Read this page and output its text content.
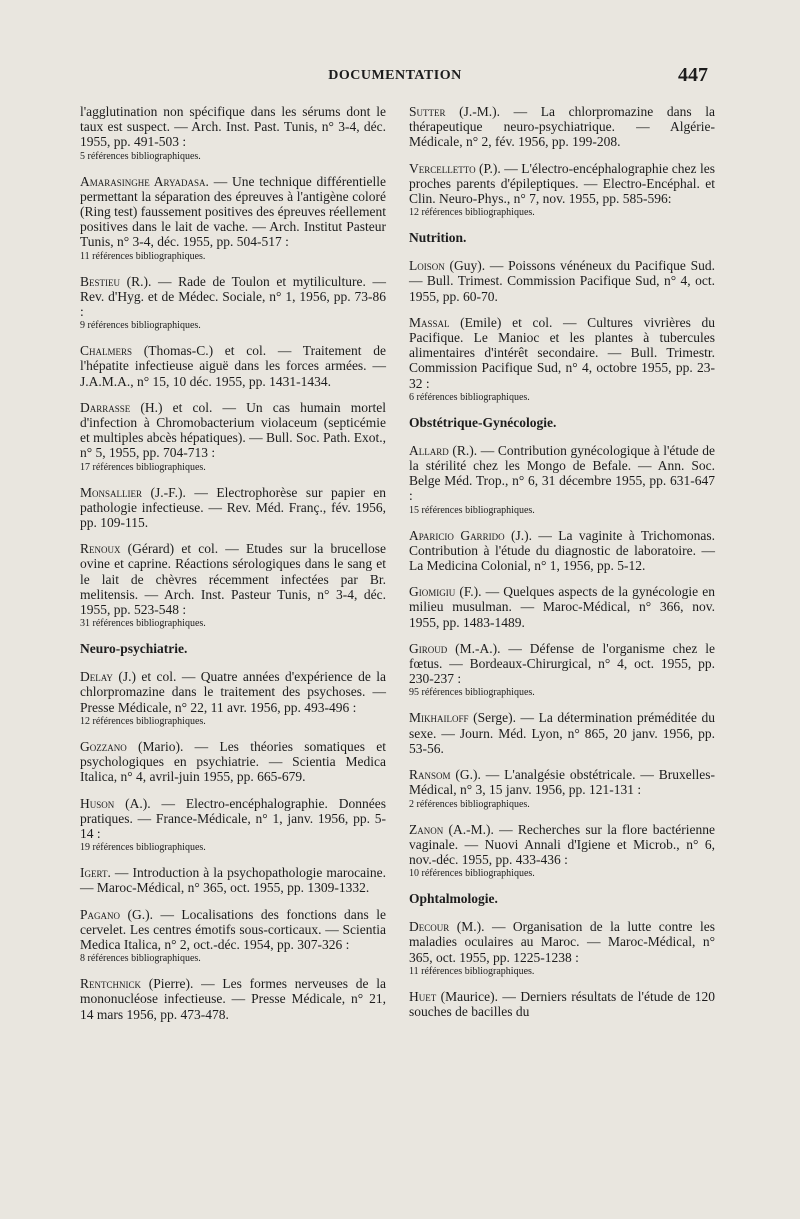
DOCUMENTATION	447
l'agglutination non spécifique dans les sérums dont le taux est suspect. — Arch. Inst. Past. Tunis, n° 3-4, déc. 1955, pp. 491-503 :
5 références bibliographiques.
Amarasinghe Aryadasa. — Une technique différentielle permettant la séparation des épreuves à l'antigène coloré (Ring test) faussement positives des épreuves réellement positives dans le lait de vache. — Arch. Institut Pasteur Tunis, n° 3-4, déc. 1955, pp. 504-517 :
11 références bibliographiques.
Bestieu (R.). — Rade de Toulon et mytiliculture. — Rev. d'Hyg. et de Médec. Sociale, n° 1, 1956, pp. 73-86 :
9 références bibliographiques.
Chalmers (Thomas-C.) et col. — Traitement de l'hépatite infectieuse aiguë dans les forces armées. — J.A.M.A., n° 15, 10 déc. 1955, pp. 1431-1434.
Darrasse (H.) et col. — Un cas humain mortel d'infection à Chromobacterium violaceum (septicémie et multiples abcès hépatiques). — Bull. Soc. Path. Exot., n° 5, 1955, pp. 704-713 :
17 références bibliographiques.
Monsallier (J.-F.). — Electrophorèse sur papier en pathologie infectieuse. — Rev. Méd. Franç., fév. 1956, pp. 109-115.
Renoux (Gérard) et col. — Etudes sur la brucellose ovine et caprine. Réactions sérologiques dans le sang et le lait de chèvres récemment infectées par Br. melitensis. — Arch. Inst. Pasteur Tunis, n° 3-4, déc. 1955, pp. 523-548 :
31 références bibliographiques.
Neuro-psychiatrie.
Delay (J.) et col. — Quatre années d'expérience de la chlorpromazine dans le traitement des psychoses. — Presse Médicale, n° 22, 11 avr. 1956, pp. 493-496 :
12 références bibliographiques.
Gozzano (Mario). — Les théories somatiques et psychologiques en psychiatrie. — Scientia Medica Italica, n° 4, avril-juin 1955, pp. 665-679.
Huson (A.). — Electro-encéphalographie. Données pratiques. — France-Médicale, n° 1, janv. 1956, pp. 5-14 :
19 références bibliographiques.
Igert. — Introduction à la psychopathologie marocaine. — Maroc-Médical, n° 365, oct. 1955, pp. 1309-1332.
Pagano (G.). — Localisations des fonctions dans le cervelet. Les centres émotifs sous-corticaux. — Scientia Medica Italica, n° 2, oct.-déc. 1954, pp. 307-326 :
8 références bibliographiques.
Rentchnick (Pierre). — Les formes nerveuses de la mononucléose infectieuse. — Presse Médicale, n° 21, 14 mars 1956, pp. 473-478.
Sutter (J.-M.). — La chlorpromazine dans la thérapeutique neuro-psychiatrique. — Algérie-Médicale, n° 2, fév. 1956, pp. 199-208.
Vercelletto (P.). — L'électro-encéphalographie chez les proches parents d'épileptiques. — Electro-Encéphal. et Clin. Neuro-Phys., n° 7, nov. 1955, pp. 585-596:
12 références bibliographiques.
Nutrition.
Loison (Guy). — Poissons vénéneux du Pacifique Sud. — Bull. Trimest. Commission Pacifique Sud, n° 4, oct. 1955, pp. 60-70.
Massal (Emile) et col. — Cultures vivrières du Pacifique. Le Manioc et les plantes à tubercules alimentaires d'intérêt secondaire. — Bull. Trimestr. Commission Pacifique Sud, n° 4, octobre 1955, pp. 23-32 :
6 références bibliographiques.
Obstétrique-Gynécologie.
Allard (R.). — Contribution gynécologique à l'étude de la stérilité chez les Mongo de Befale. — Ann. Soc. Belge Méd. Trop., n° 6, 31 décembre 1955, pp. 631-647 :
15 références bibliographiques.
Aparicio Garrido (J.). — La vaginite à Trichomonas. Contribution à l'étude du diagnostic de laboratoire. — La Medicina Colonial, n° 1, 1956, pp. 5-12.
Giomigiu (F.). — Quelques aspects de la gynécologie en milieu musulman. — Maroc-Médical, n° 366, nov. 1955, pp. 1483-1489.
Giroud (M.-A.). — Défense de l'organisme chez le fœtus. — Bordeaux-Chirurgical, n° 4, oct. 1955, pp. 230-237 :
95 références bibliographiques.
Mikhailoff (Serge). — La détermination préméditée du sexe. — Journ. Méd. Lyon, n° 865, 20 janv. 1956, pp. 53-56.
Ransom (G.). — L'analgésie obstétricale. — Bruxelles-Médical, n° 3, 15 janv. 1956, pp. 121-131 :
2 références bibliographiques.
Zanon (A.-M.). — Recherches sur la flore bactérienne vaginale. — Nuovi Annali d'Igiene et Microb., n° 6, nov.-déc. 1955, pp. 433-436 :
10 références bibliographiques.
Ophtalmologie.
Decour (M.). — Organisation de la lutte contre les maladies oculaires au Maroc. — Maroc-Médical, n° 365, oct. 1955, pp. 1225-1238 :
11 références bibliographiques.
Huet (Maurice). — Derniers résultats de l'étude de 120 souches de bacilles du
